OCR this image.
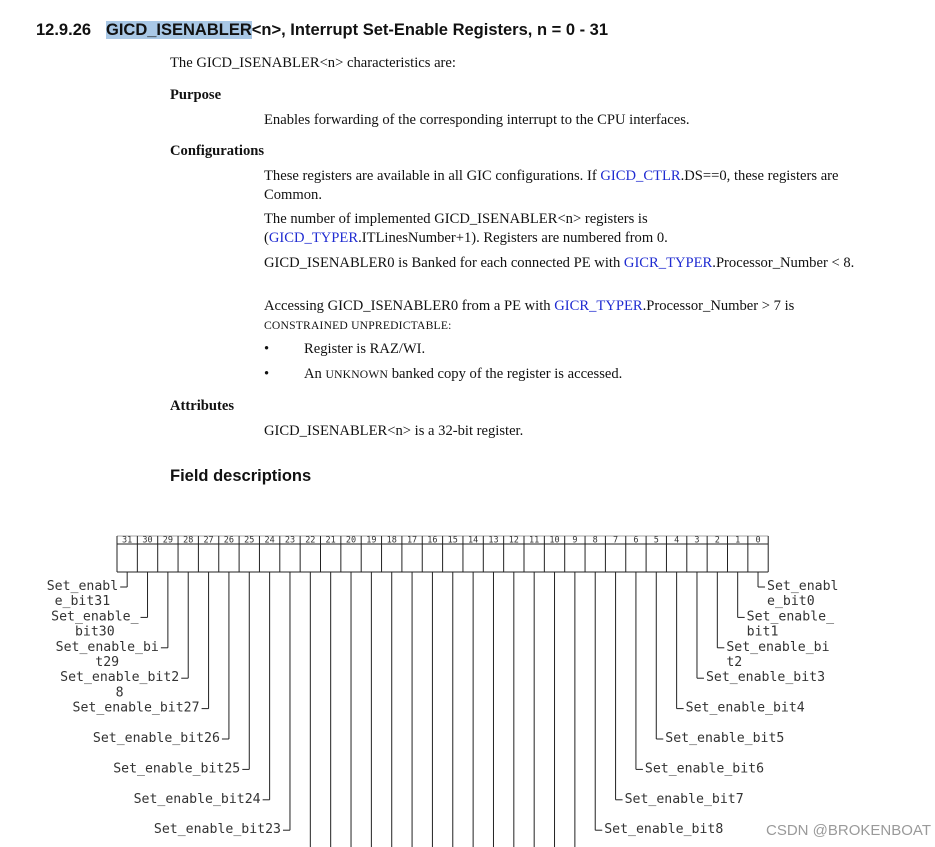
12.9.26 GICD_ISENABLER<n>, Interrupt Set-Enable Registers, n = 0 - 31

The GICD_ISENABLER<n> characteristics are:

Purpose

Enables forwarding of the corresponding interrupt to the CPU interfaces.

Configurations

These registers are available in all GIC configurations. If GICD_CTLR.DS==0, these registers are Common.

The number of implemented GICD_ISENABLER<n> registers is (GICD_TYPER.ITLinesNumber+1). Registers are numbered from 0.

GICD_ISENABLER0 is Banked for each connected PE with GICR_TYPER.Processor_Number < 8.

Accessing GICD_ISENABLER0 from a PE with GICR_TYPER.Processor_Number > 7 is
CONSTRAINED UNPREDICTABLE:

• Register is RAZ/WI.
• An UNKNOWN banked copy of the register is accessed.
Attributes

GICD_ISENABLER<n> is a 32-bit register.

Field descriptions
31 30 29 28 27 26 25 24 23 22 21 20 19 18 17 16 15 14 13 12 11 10 9 8 7 6 5 4 3 2 1 0
Set_enabl
e_bit31
Set_enable_
bit30
Set_enable_bi
t29
Set_enable_bit2
8
Set_enable_bit27
Set_enable_bit26
Set_enable_bit25
Set_enable_bit24
Set_enable_bit23
Set_enabl
e_bit0
Set_enable_
bit1
Set_enable_bi
t2
Set_enable_bit3
Set_enable_bit4
Set_enable_bit5
Set_enable_bit6
Set_enable_bit7
Set_enable_bit8	CSDN @BROKENBOAT
